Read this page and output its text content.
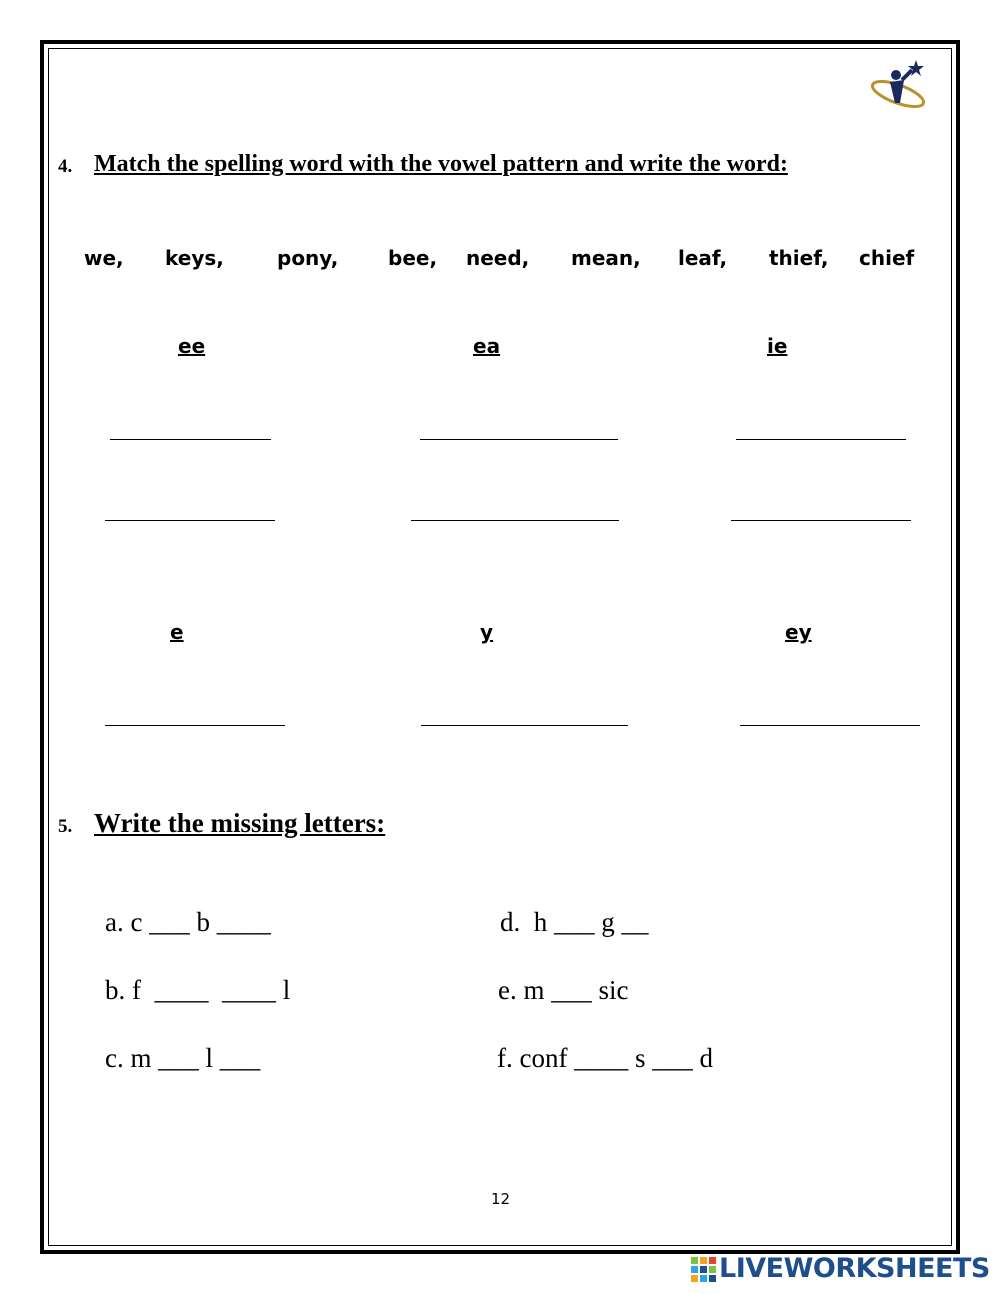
4. Match the spelling word with the vowel pattern and write the word:
we, keys,	pony, bee, need, mean, leaf, thief, chief
ee	ea	ie
e	y	ey
5. Write the missing letters:
a. c ___ b ____
b. f  ____  ____ l
c. m ___ l ___
d.  h ___ g __
e. m ___ sic
f. conf ____ s ___ d
12
LIVEWORKSHEETS
